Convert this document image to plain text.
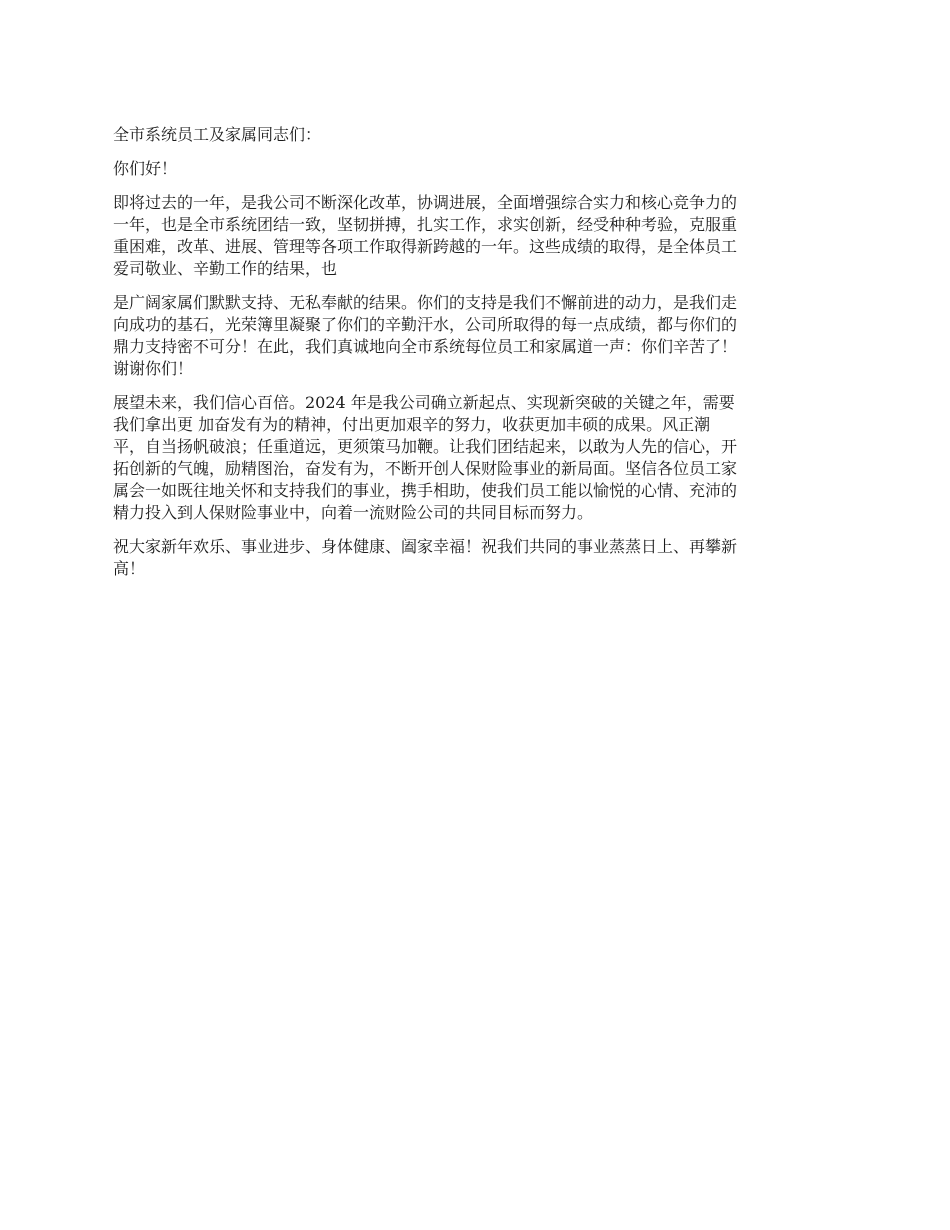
全市系统员工及家属同志们：

你们好！

即将过去的一年，是我公司不断深化改革，协调进展，全面增强综合实力和核心竞争力的
一年，也是全市系统团结一致，坚韧拼搏，扎实工作，求实创新，经受种种考验，克服重
重困难，改革、进展、管理等各项工作取得新跨越的一年。这些成绩的取得，是全体员工
爱司敬业、辛勤工作的结果，也

是广阔家属们默默支持、无私奉献的结果。你们的支持是我们不懈前进的动力，是我们走
向成功的基石，光荣簿里凝聚了你们的辛勤汗水，公司所取得的每一点成绩，都与你们的
鼎力支持密不可分！在此，我们真诚地向全市系统每位员工和家属道一声：你们辛苦了！
谢谢你们！

展望未来，我们信心百倍。2024 年是我公司确立新起点、实现新突破的关键之年，需要
我们拿出更 加奋发有为的精神，付出更加艰辛的努力，收获更加丰硕的成果。风正潮
平，自当扬帆破浪；任重道远，更须策马加鞭。让我们团结起来，以敢为人先的信心，开
拓创新的气魄，励精图治，奋发有为，不断开创人保财险事业的新局面。坚信各位员工家
属会一如既往地关怀和支持我们的事业，携手相助，使我们员工能以愉悦的心情、充沛的
精力投入到人保财险事业中，向着一流财险公司的共同目标而努力。

祝大家新年欢乐、事业进步、身体健康、阖家幸福！祝我们共同的事业蒸蒸日上、再攀新
高！
